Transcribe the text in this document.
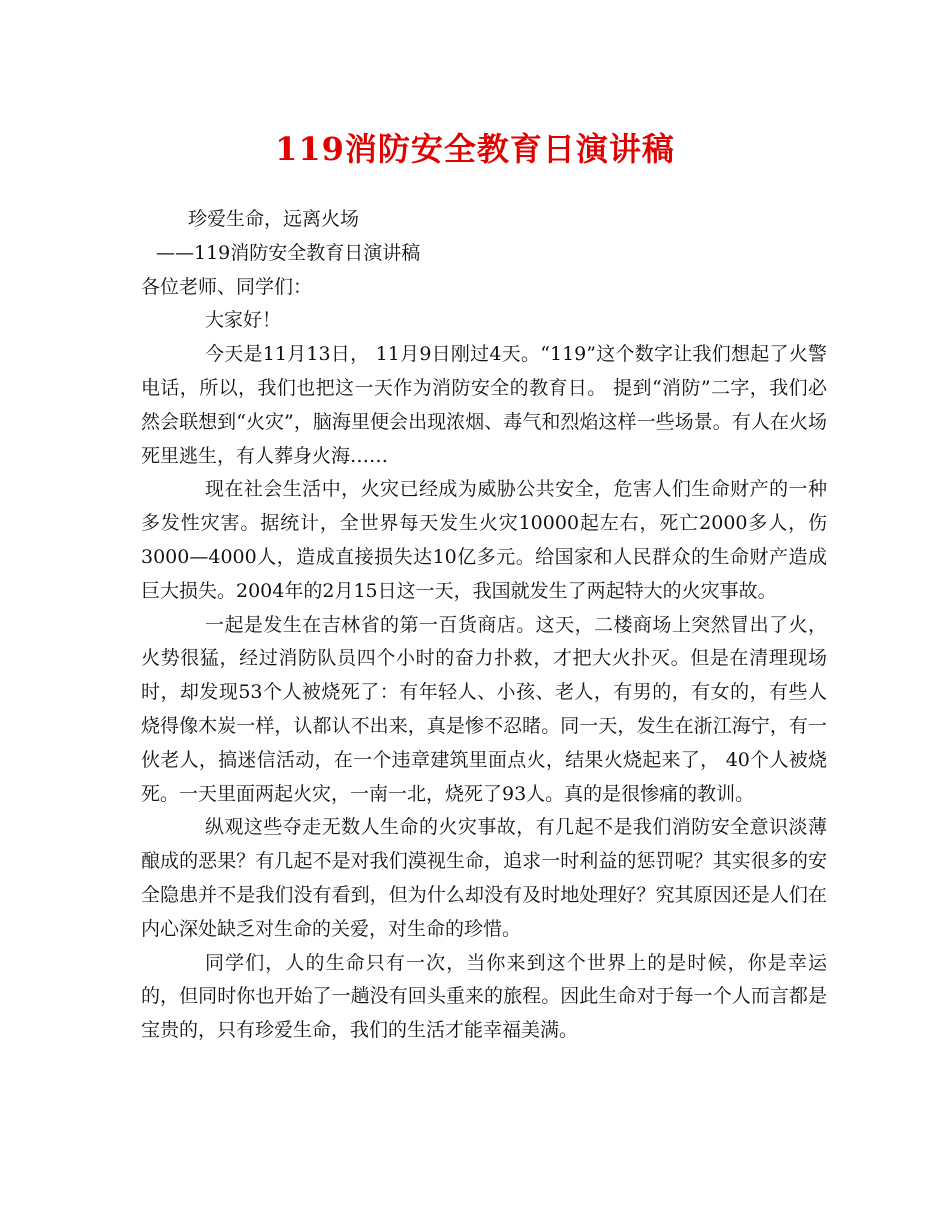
119消防安全教育日演讲稿

珍爱生命，远离火场

——119消防安全教育日演讲稿

各位老师、同学们：

大家好！

今天是11月13日， 11月9日刚过4天。“119”这个数字让我们想起了火警电话，所以，我们也把这一天作为消防安全的教育日。 提到“消防”二字，我们必然会联想到“火灾”，脑海里便会出现浓烟、毒气和烈焰这样一些场景。有人在火场死里逃生，有人葬身火海……

现在社会生活中，火灾已经成为威胁公共安全，危害人们生命财产的一种多发性灾害。据统计，全世界每天发生火灾10000起左右，死亡2000多人，伤3000—4000人，造成直接损失达10亿多元。给国家和人民群众的生命财产造成巨大损失。2004年的2月15日这一天，我国就发生了两起特大的火灾事故。

一起是发生在吉林省的第一百货商店。这天，二楼商场上突然冒出了火，火势很猛，经过消防队员四个小时的奋力扑救，才把大火扑灭。但是在清理现场时，却发现53个人被烧死了：有年轻人、小孩、老人，有男的，有女的，有些人烧得像木炭一样，认都认不出来，真是惨不忍睹。同一天，发生在浙江海宁，有一伙老人，搞迷信活动，在一个违章建筑里面点火，结果火烧起来了， 40个人被烧死。一天里面两起火灾，一南一北，烧死了93人。真的是很惨痛的教训。

纵观这些夺走无数人生命的火灾事故，有几起不是我们消防安全意识淡薄酿成的恶果？有几起不是对我们漠视生命，追求一时利益的惩罚呢？其实很多的安全隐患并不是我们没有看到，但为什么却没有及时地处理好？究其原因还是人们在内心深处缺乏对生命的关爱，对生命的珍惜。

同学们，人的生命只有一次，当你来到这个世界上的是时候，你是幸运的，但同时你也开始了一趟没有回头重来的旅程。因此生命对于每一个人而言都是宝贵的，只有珍爱生命，我们的生活才能幸福美满。
